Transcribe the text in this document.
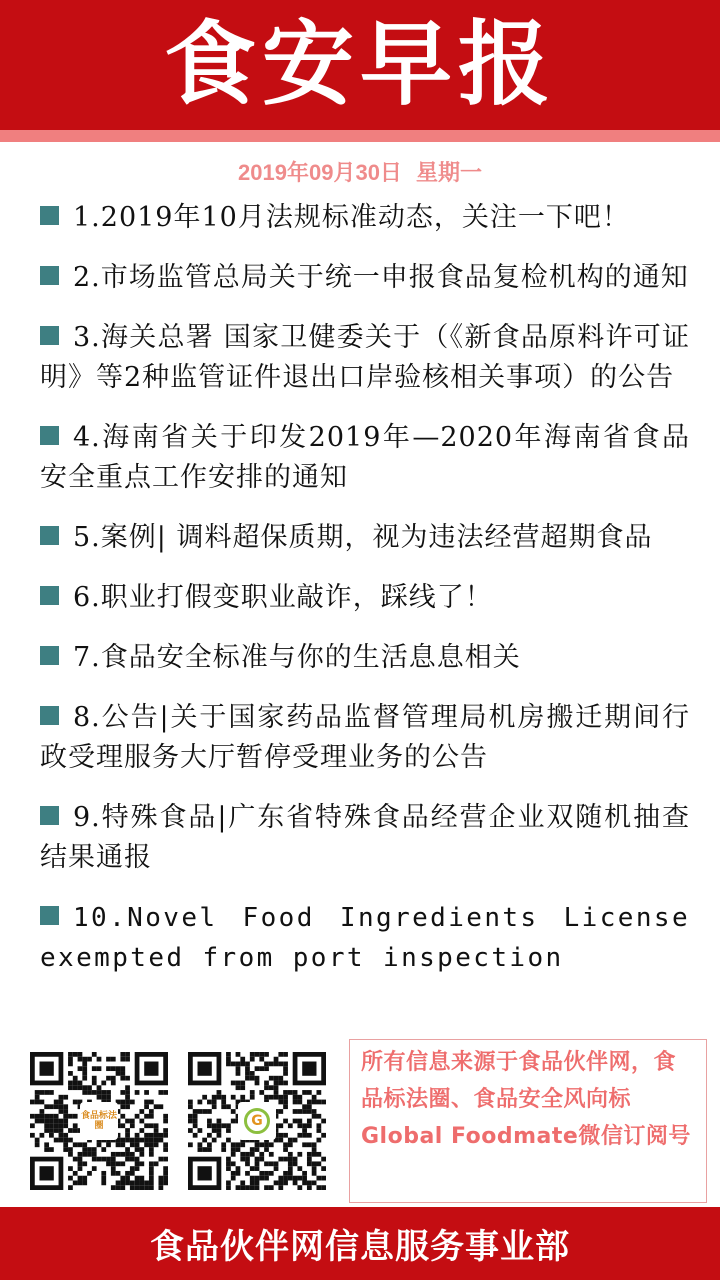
食安早报
2019年09月30日 星期一
1.2019年10月法规标准动态，关注一下吧！
2.市场监管总局关于统一申报食品复检机构的通知
3.海关总署 国家卫健委关于（《新食品原料许可证明》等2种监管证件退出口岸验核相关事项）的公告
4.海南省关于印发2019年—2020年海南省食品 安全重点工作安排的通知
5.案例| 调料超保质期，视为违法经营超期食品
6.职业打假变职业敲诈，踩线了！
7.食品安全标准与你的生活息息相关
8.公告|关于国家药品监督管理局机房搬迁期间行政受理服务大厅暂停受理业务的公告
9.特殊食品|广东省特殊食品经营企业双随机抽查结果通报
10.Novel Food Ingredients License exempted from port inspection
食品标法圈	G
所有信息来源于食品伙伴网，食品标法圈、食品安全风向标Global Foodmate微信订阅号
食品伙伴网信息服务事业部
